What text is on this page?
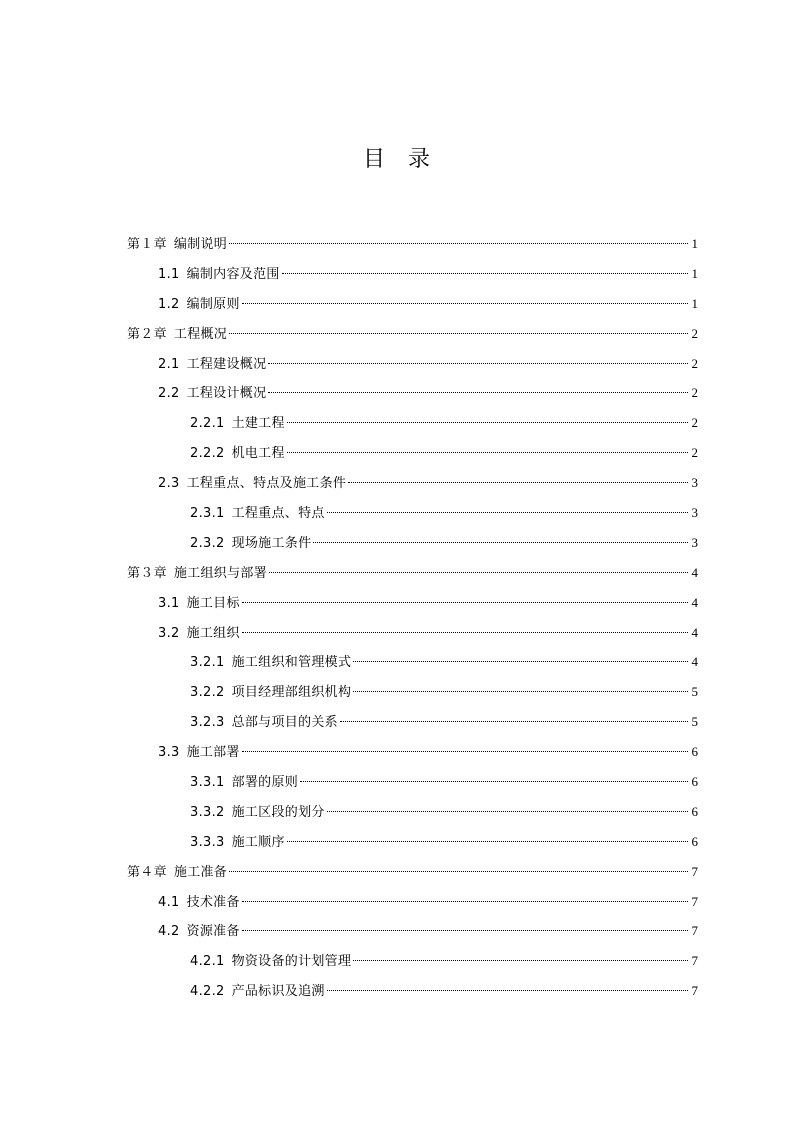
目录
第１章 编制说明	1
1.1 编制内容及范围	1
1.2 编制原则	1
第２章 工程概况	2
2.1 工程建设概况	2
2.2 工程设计概况	2
2.2.1 土建工程	2
2.2.2 机电工程	2
2.3 工程重点、特点及施工条件	3
2.3.1 工程重点、特点	3
2.3.2 现场施工条件	3
第３章 施工组织与部署	4
3.1 施工目标	4
3.2 施工组织	4
3.2.1 施工组织和管理模式	4
3.2.2 项目经理部组织机构	5
3.2.3 总部与项目的关系	5
3.3 施工部署	6
3.3.1 部署的原则	6
3.3.2 施工区段的划分	6
3.3.3 施工顺序	6
第４章 施工准备	7
4.1 技术准备	7
4.2 资源准备	7
4.2.1 物资设备的计划管理	7
4.2.2 产品标识及追溯	7
